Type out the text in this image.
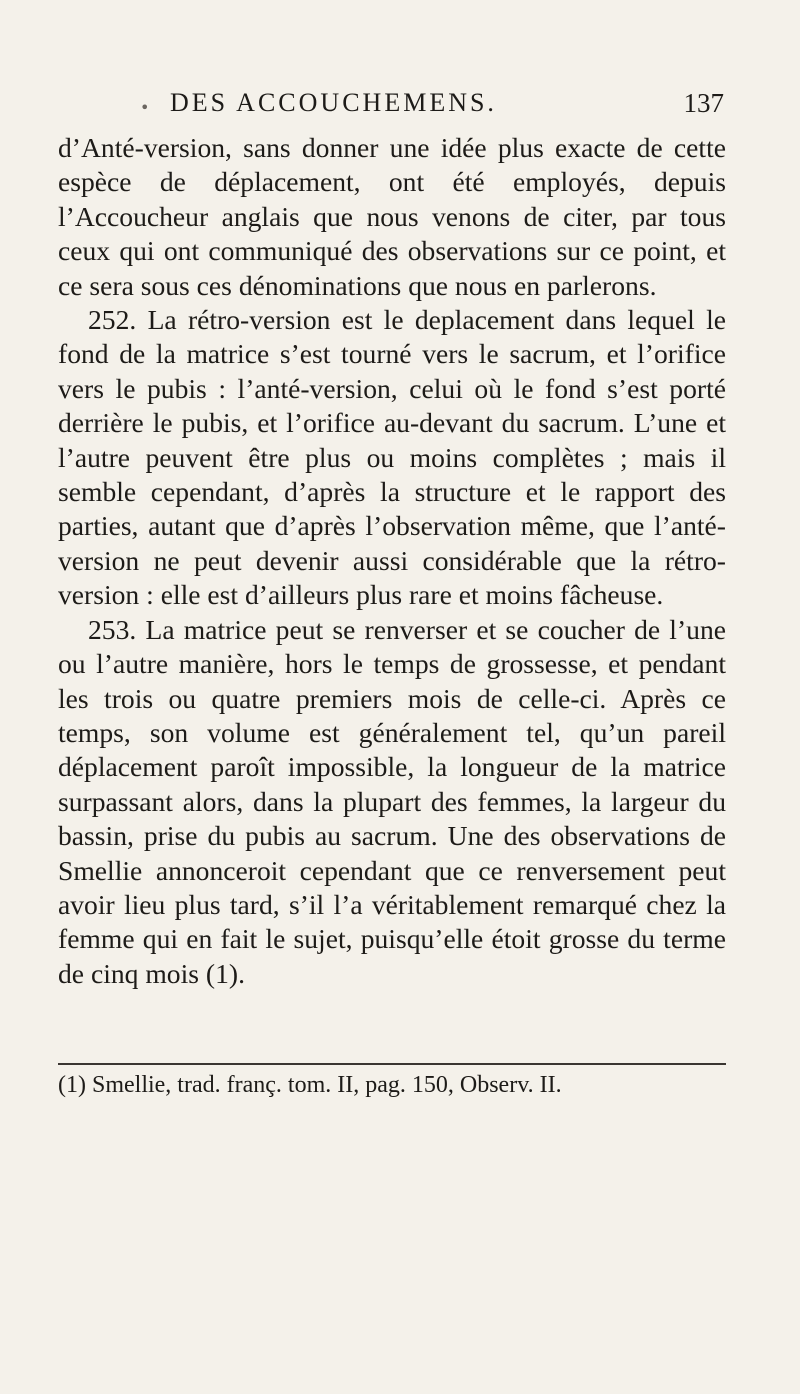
• DES ACCOUCHEMENS.	137

d’Anté-version, sans donner une idée plus exacte de cette espèce de déplacement, ont été employés, depuis l’Accoucheur anglais que nous venons de citer, par tous ceux qui ont communiqué des observations sur ce point, et ce sera sous ces dénominations que nous en parlerons.

252. La rétro-version est le deplacement dans lequel le fond de la matrice s’est tourné vers le sacrum, et l’orifice vers le pubis : l’anté-version, celui où le fond s’est porté derrière le pubis, et l’orifice au-devant du sacrum. L’une et l’autre peuvent être plus ou moins complètes ; mais il semble cependant, d’après la structure et le rapport des parties, autant que d’après l’observation même, que l’anté-version ne peut devenir aussi considérable que la rétro-version : elle est d’ailleurs plus rare et moins fâcheuse.

253. La matrice peut se renverser et se coucher de l’une ou l’autre manière, hors le temps de grossesse, et pendant les trois ou quatre premiers mois de celle-ci. Après ce temps, son volume est généralement tel, qu’un pareil déplacement paroît impossible, la longueur de la matrice surpassant alors, dans la plupart des femmes, la largeur du bassin, prise du pubis au sacrum. Une des observations de Smellie annonceroit cependant que ce renversement peut avoir lieu plus tard, s’il l’a véritablement remarqué chez la femme qui en fait le sujet, puisqu’elle étoit grosse du terme de cinq mois (1).

(1) Smellie, trad. franç. tom. II, pag. 150, Observ. II.
